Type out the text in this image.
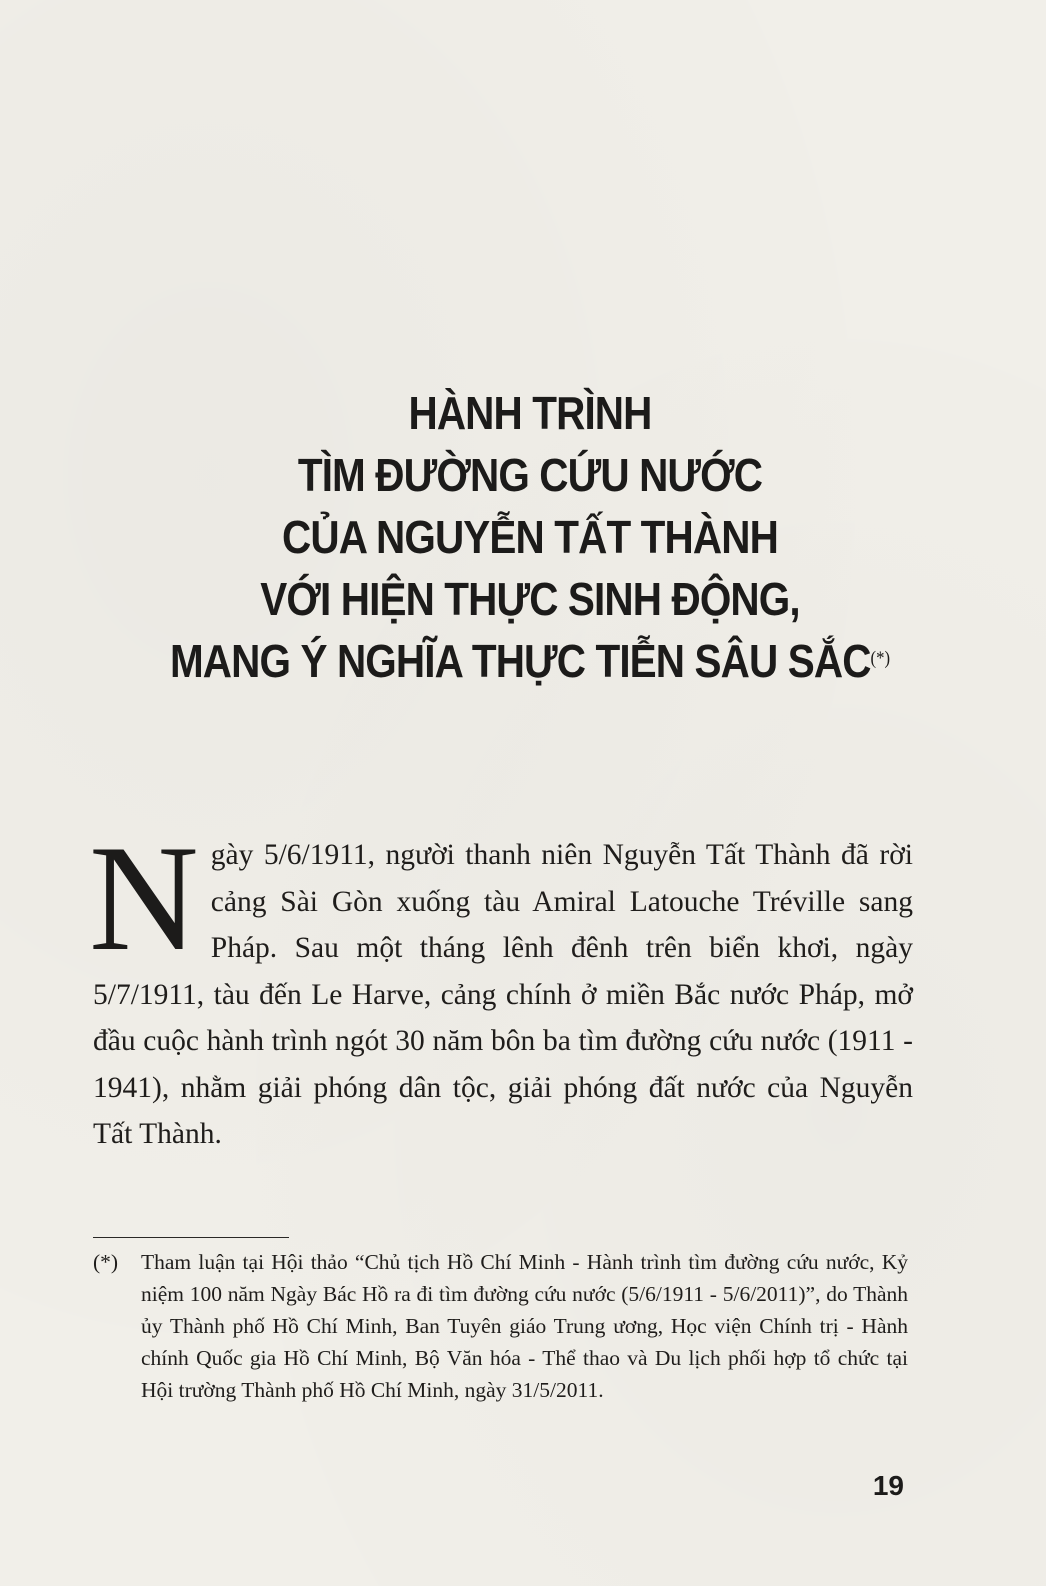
HÀNH TRÌNH
TÌM ĐƯỜNG CỨU NƯỚC
CỦA NGUYỄN TẤT THÀNH
VỚI HIỆN THỰC SINH ĐỘNG,
MANG Ý NGHĨA THỰC TIỄN SÂU SẮC(*)
Ngày 5/6/1911, người thanh niên Nguyễn Tất Thành đã rời cảng Sài Gòn xuống tàu Amiral Latouche Tréville sang Pháp. Sau một tháng lênh đênh trên biển khơi, ngày 5/7/1911, tàu đến Le Harve, cảng chính ở miền Bắc nước Pháp, mở đầu cuộc hành trình ngót 30 năm bôn ba tìm đường cứu nước (1911 - 1941), nhằm giải phóng dân tộc, giải phóng đất nước của Nguyễn Tất Thành.
(*)	Tham luận tại Hội thảo “Chủ tịch Hồ Chí Minh - Hành trình tìm đường cứu nước, Kỷ niệm 100 năm Ngày Bác Hồ ra đi tìm đường cứu nước (5/6/1911 - 5/6/2011)”, do Thành ủy Thành phố Hồ Chí Minh, Ban Tuyên giáo Trung ương, Học viện Chính trị - Hành chính Quốc gia Hồ Chí Minh, Bộ Văn hóa - Thể thao và Du lịch phối hợp tổ chức tại Hội trường Thành phố Hồ Chí Minh, ngày 31/5/2011.
19
